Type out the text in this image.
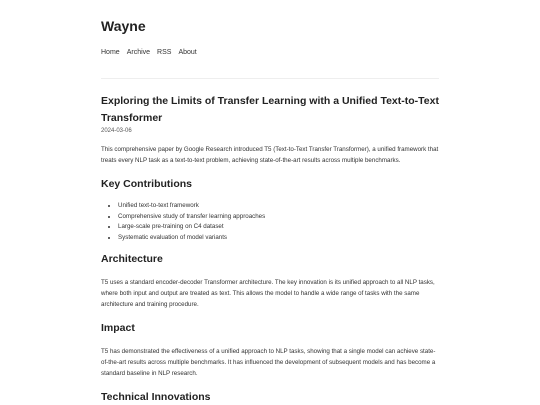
Wayne
Home Archive RSS About
Exploring the Limits of Transfer Learning with a Unified Text-to-Text Transformer
2024-03-06

This comprehensive paper by Google Research introduced T5 (Text-to-Text Transfer Transformer), a unified framework that treats every NLP task as a text-to-text problem, achieving state-of-the-art results across multiple benchmarks.

Key Contributions
• Unified text-to-text framework
• Comprehensive study of transfer learning approaches
• Large-scale pre-training on C4 dataset
• Systematic evaluation of model variants
Architecture

T5 uses a standard encoder-decoder Transformer architecture. The key innovation is its unified approach to all NLP tasks, where both input and output are treated as text. This allows the model to handle a wide range of tasks with the same architecture and training procedure.

Impact

T5 has demonstrated the effectiveness of a unified approach to NLP tasks, showing that a single model can achieve state-of-the-art results across multiple benchmarks. It has influenced the development of subsequent models and has become a standard baseline in NLP research.

Technical Innovations
